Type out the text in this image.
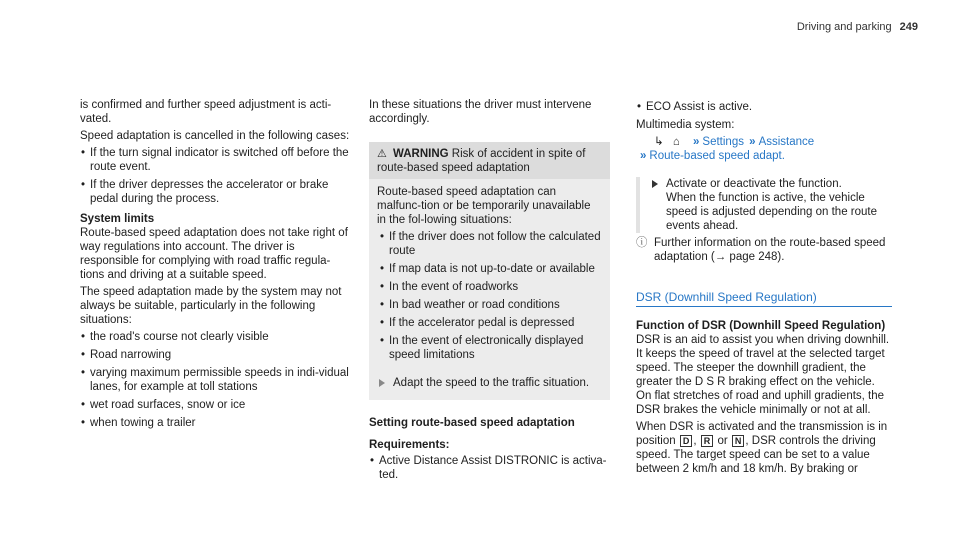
Driving and parking 249

is confirmed and further speed adjustment is acti-vated.

Speed adaptation is cancelled in the following cases:

• If the turn signal indicator is switched off before the route event.
• If the driver depresses the accelerator or brake pedal during the process.
System limits

Route-based speed adaptation does not take right of way regulations into account. The driver is responsible for complying with road traffic regula-tions and driving at a suitable speed.

The speed adaptation made by the system may not always be suitable, particularly in the following situations:

• the road's course not clearly visible
• Road narrowing
• varying maximum permissible speeds in indi-vidual lanes, for example at toll stations
• wet road surfaces, snow or ice
• when towing a trailer

In these situations the driver must intervene accordingly.

⚠ WARNING Risk of accident in spite of route-based speed adaptation

Route-based speed adaptation can malfunc-tion or be temporarily unavailable in the fol-lowing situations:

• If the driver does not follow the calculated route
• If map data is not up-to-date or available
• In the event of roadworks
• In bad weather or road conditions
• If the accelerator pedal is depressed
• In the event of electronically displayed speed limitations
Adapt the speed to the traffic situation.
Setting route-based speed adaptation
Requirements:
• Active Distance Assist DISTRONIC is activa-ted.
• ECO Assist is active.

Multimedia system:

↳ ⌂ » Settings » Assistance
» Route-based speed adapt.
Activate or deactivate the function.

When the function is active, the vehicle speed is adjusted depending on the route events ahead.

ⓘ Further information on the route-based speed adaptation (→ page 248).
DSR (Downhill Speed Regulation)
Function of DSR (Downhill Speed Regulation)

DSR is an aid to assist you when driving downhill. It keeps the speed of travel at the selected target speed. The steeper the downhill gradient, the greater the D S R braking effect on the vehicle. On flat stretches of road and uphill gradients, the DSR brakes the vehicle minimally or not at all.

When DSR is activated and the transmission is in position D , R or N , DSR controls the driving speed. The target speed can be set to a value between 2 km/h and 18 km/h. By braking or
